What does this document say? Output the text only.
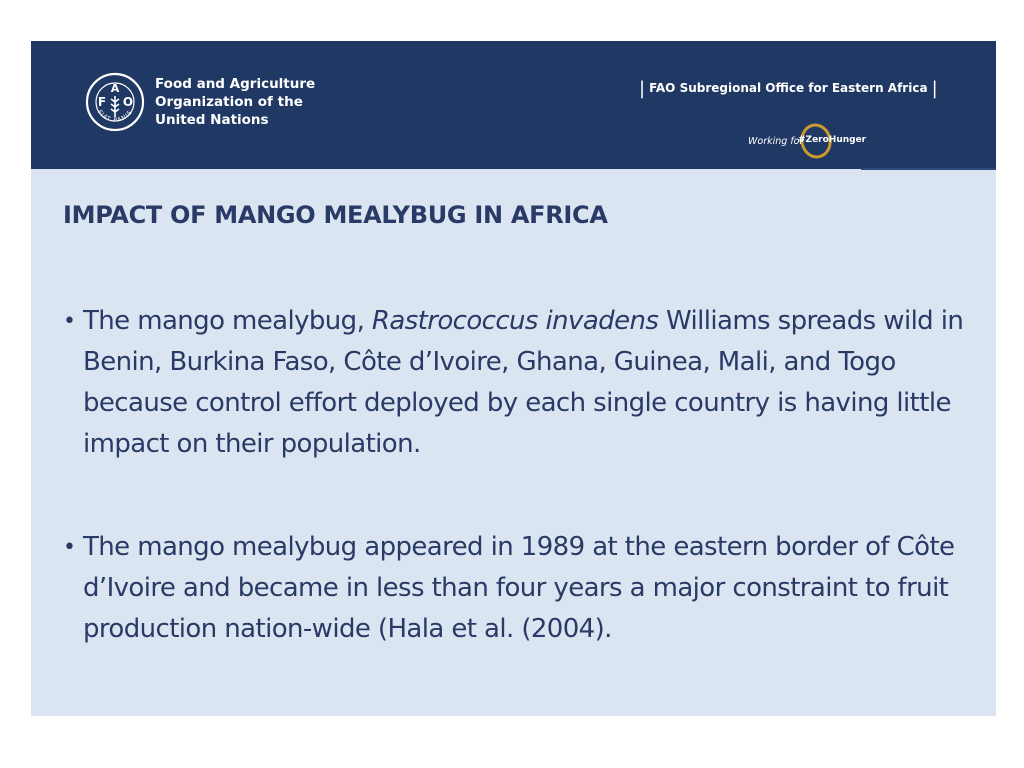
F
A
O
FIAT PANIS
Food and Agriculture
Organization of the
United Nations
| FAO Subregional Office for Eastern Africa |
Working for
#ZeroHunger
IMPACT OF MANGO MEALYBUG IN AFRICA
• The mango mealybug, Rastrococcus invadens Williams spreads wild in Benin, Burkina Faso, Côte d’Ivoire, Ghana, Guinea, Mali, and Togo because control effort deployed by each single country is having little impact on their population.
• The mango mealybug appeared in 1989 at the eastern border of Côte d’Ivoire and became in less than four years a major constraint to fruit production nation-wide (Hala et al. (2004).
